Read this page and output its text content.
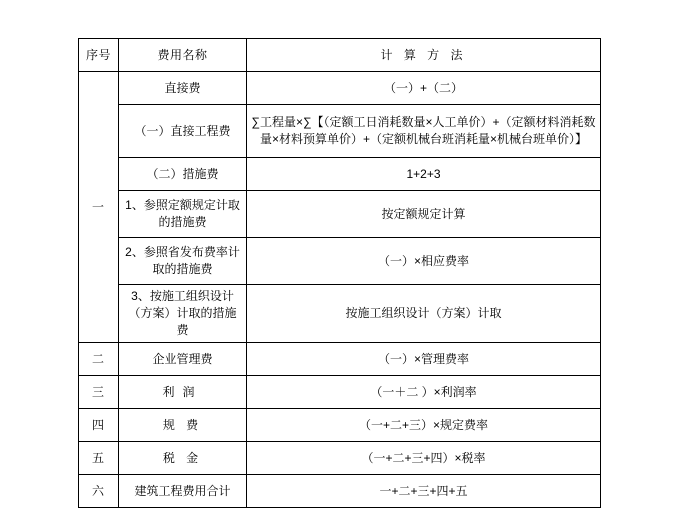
序号	费用名称	计 算 方 法
一	直接费	（一）+（二）
	（一）直接工程费	∑工程量×∑【（定额工日消耗数量×人工单价）+（定额材料消耗数量×材料预算单价）+（定额机械台班消耗量×机械台班单价）】
	（二）措施费	1+2+3
	1、参照定额规定计取的措施费	按定额规定计算
	2、参照省发布费率计取的措施费	（一）×相应费率
	3、按施工组织设计（方案）计取的措施费	按施工组织设计（方案）计取
二	企业管理费	（一）×管理费率
三	利润	（一＋二 ）×利润率
四	规 费	（一+二+三）×规定费率
五	税 金	（一+二+三+四）×税率
六	建筑工程费用合计	一+二+三+四+五
